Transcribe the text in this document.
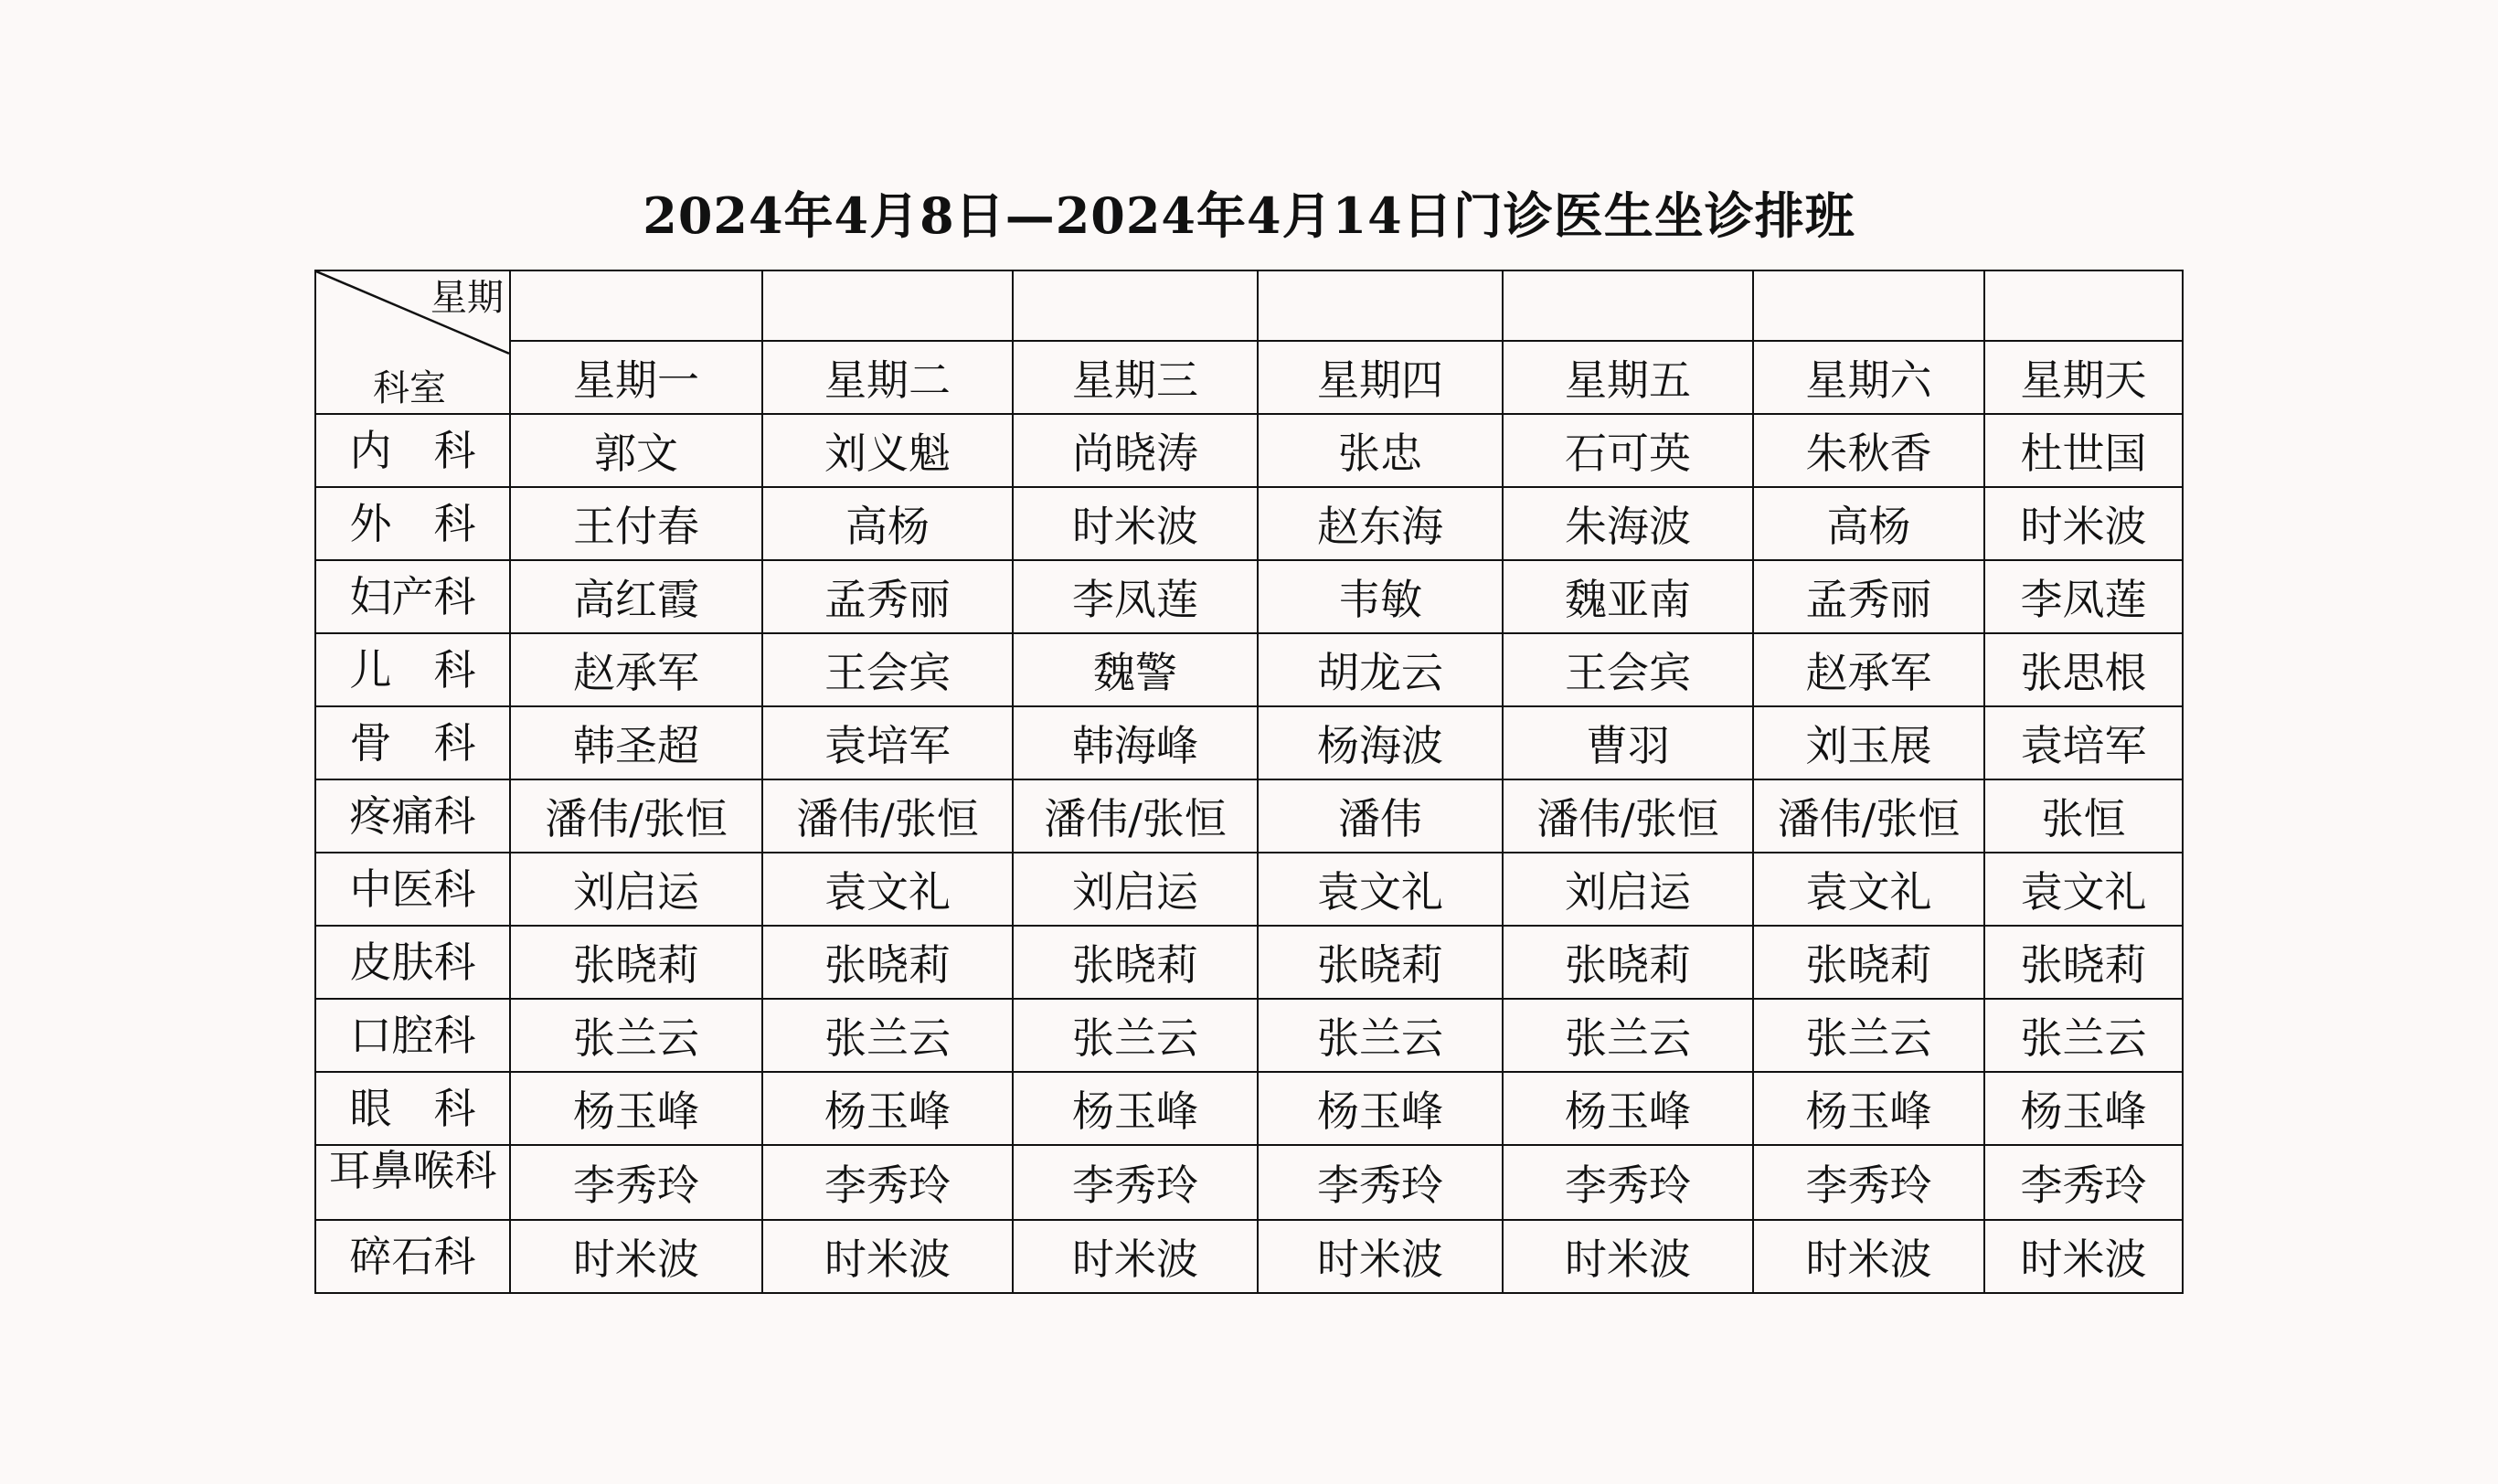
2024年4月8日—2024年4月14日门诊医生坐诊排班
星期
科室							

	星期一	星期二	星期三	星期四	星期五	星期六	星期天
内　科	郭文	刘义魁	尚晓涛	张忠	石可英	朱秋香	杜世国
外　科	王付春	高杨	时米波	赵东海	朱海波	高杨	时米波
妇产科	高红霞	孟秀丽	李凤莲	韦敏	魏亚南	孟秀丽	李凤莲
儿　科	赵承军	王会宾	魏警	胡龙云	王会宾	赵承军	张思根
骨　科	韩圣超	袁培军	韩海峰	杨海波	曹羽	刘玉展	袁培军
疼痛科	潘伟/张恒	潘伟/张恒	潘伟/张恒	潘伟	潘伟/张恒	潘伟/张恒	张恒
中医科	刘启运	袁文礼	刘启运	袁文礼	刘启运	袁文礼	袁文礼
皮肤科	张晓莉	张晓莉	张晓莉	张晓莉	张晓莉	张晓莉	张晓莉
口腔科	张兰云	张兰云	张兰云	张兰云	张兰云	张兰云	张兰云
眼　科	杨玉峰	杨玉峰	杨玉峰	杨玉峰	杨玉峰	杨玉峰	杨玉峰
耳鼻喉科	李秀玲	李秀玲	李秀玲	李秀玲	李秀玲	李秀玲	李秀玲
碎石科	时米波	时米波	时米波	时米波	时米波	时米波	时米波
